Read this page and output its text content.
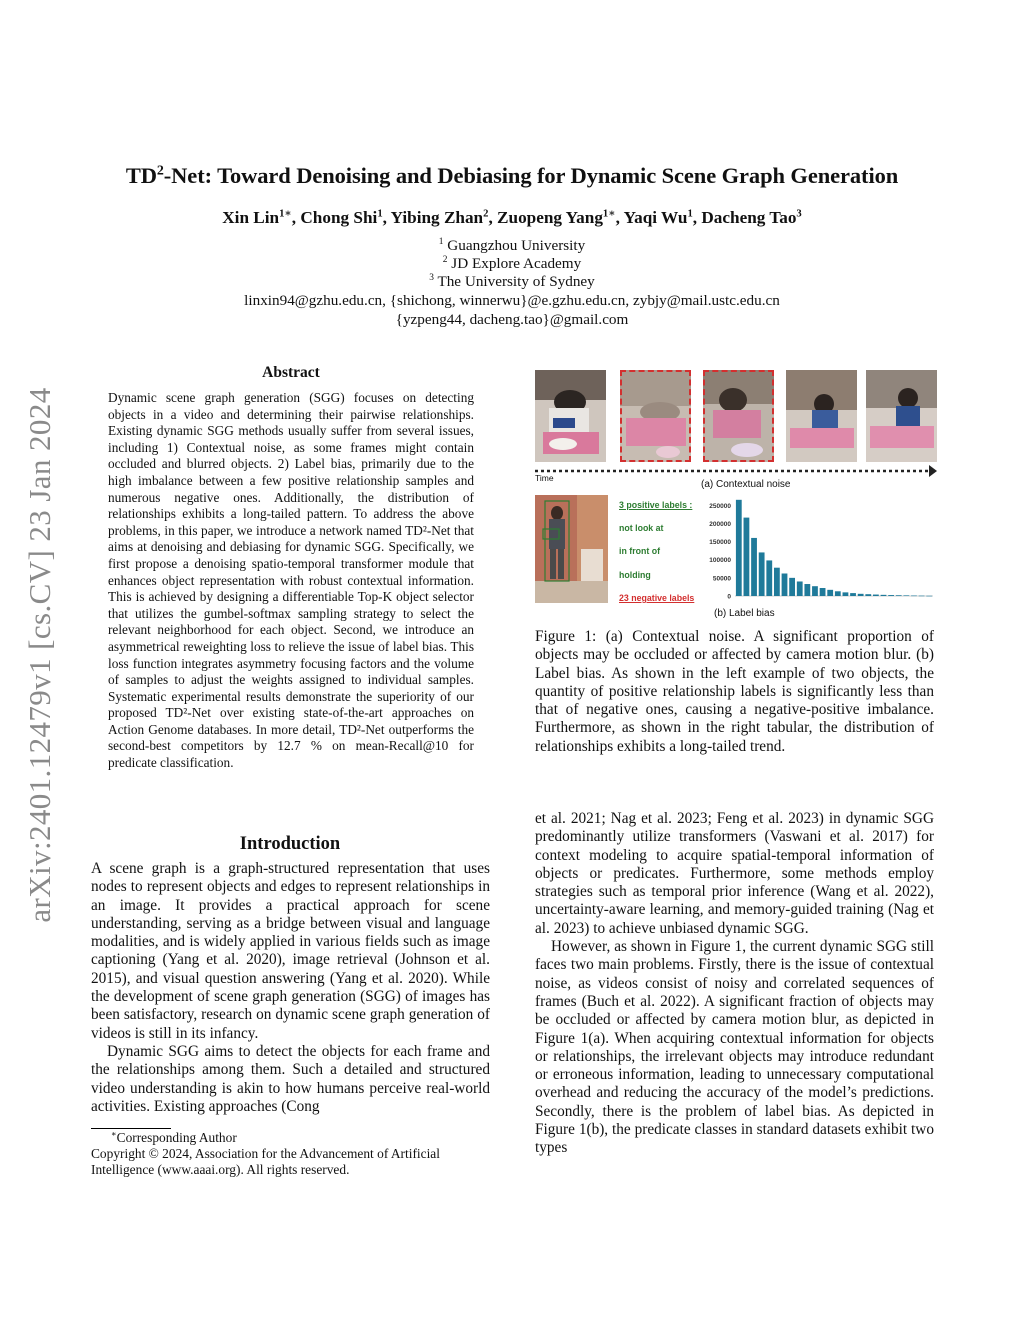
$TD^2$-Net: Toward Denoising and Debiasing for Dynamic Scene Graph Generation
Xin Lin$^{1∗}$, Chong Shi$^1$, Yibing Zhan$^2$, Zuopeng Yang$^{1∗}$, Yaqi Wu$^1$, Dacheng Tao$^3$
$^1$ Guangzhou University
$^2$ JD Explore Academy
$^3$ The University of Sydney
linxin94@gzhu.edu.cn, {shichong, winnerwu}@e.gzhu.edu.cn, zybjy@mail.ustc.edu.cn
{yzpeng44, dacheng.tao}@gmail.com
arXiv:2401.12479v1 [cs.CV] 23 Jan 2024
Abstract
Dynamic scene graph generation (SGG) focuses on detecting objects in a video and determining their pairwise relationships. Existing dynamic SGG methods usually suffer from several issues, including 1) Contextual noise, as some frames might contain occluded and blurred objects. 2) Label bias, primarily due to the high imbalance between a few positive relationship samples and numerous negative ones. Additionally, the distribution of relationships exhibits a long-tailed pattern. To address the above problems, in this paper, we introduce a network named TD²-Net that aims at denoising and debiasing for dynamic SGG. Specifically, we first propose a denoising spatio-temporal transformer module that enhances object representation with robust contextual information. This is achieved by designing a differentiable Top-K object selector that utilizes the gumbel-softmax sampling strategy to select the relevant neighborhood for each object. Second, we introduce an asymmetrical reweighting loss to relieve the issue of label bias. This loss function integrates asymmetry focusing factors and the volume of samples to adjust the weights assigned to individual samples. Systematic experimental results demonstrate the superiority of our proposed TD²-Net over existing state-of-the-art approaches on Action Genome databases. In more detail, TD²-Net outperforms the second-best competitors by 12.7 % on mean-Recall@10 for predicate classification.
Introduction

A scene graph is a graph-structured representation that uses nodes to represent objects and edges to represent relationships in an image. It provides a practical approach for scene understanding, serving as a bridge between visual and language modalities, and is widely applied in various fields such as image captioning (Yang et al. 2020), image retrieval (Johnson et al. 2015), and visual question answering (Yang et al. 2020). While the development of scene graph generation (SGG) of images has been satisfactory, research on dynamic scene graph generation of videos is still in its infancy.

Dynamic SGG aims to detect the objects for each frame and the relationships among them. Such a detailed and structured video understanding is akin to how humans perceive real-world activities. Existing approaches (Cong

∗Corresponding Author
Copyright © 2024, Association for the Advancement of Artificial Intelligence (www.aaai.org). All rights reserved.

et al. 2021; Nag et al. 2023; Feng et al. 2023) in dynamic SGG predominantly utilize transformers (Vaswani et al. 2017) for context modeling to acquire spatial-temporal information of objects or predicates. Furthermore, some methods employ strategies such as temporal prior inference (Wang et al. 2022), uncertainty-aware learning, and memory-guided training (Nag et al. 2023) to achieve unbiased dynamic SGG.

However, as shown in Figure 1, the current dynamic SGG still faces two main problems. Firstly, there is the issue of contextual noise, as videos consist of noisy and correlated sequences of frames (Buch et al. 2022). A significant fraction of objects may be occluded or affected by camera motion blur, as depicted in Figure 1(a). When acquiring contextual information for objects or relationships, the irrelevant objects may introduce redundant or erroneous information, leading to unnecessary computational overhead and reducing the accuracy of the model’s predictions. Secondly, there is the problem of label bias. As depicted in Figure 1(b), the predicate classes in standard datasets exhibit two types

Time
(a) Contextual noise
3 positive labels :
not look at
in front of
holding
23 negative labels	0
50000
100000
150000
200000
250000
(b) Label bias
Figure 1: (a) Contextual noise. A significant proportion of objects may be occluded or affected by camera motion blur. (b) Label bias. As shown in the left example of two objects, the quantity of positive relationship labels is significantly less than that of negative ones, causing a negative-positive imbalance. Furthermore, as shown in the right tabular, the distribution of relationships exhibits a long-tailed trend.
